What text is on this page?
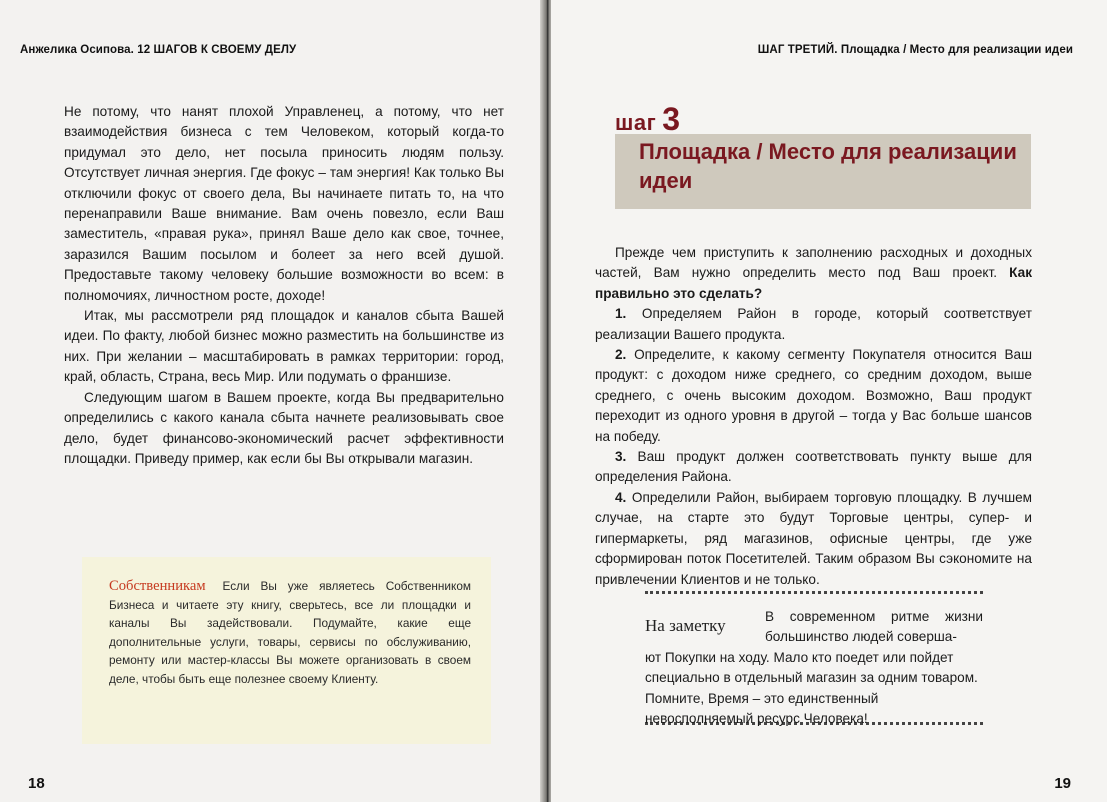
Анжелика Осипова. 12 ШАГОВ К СВОЕМУ ДЕЛУ

Не потому, что нанят плохой Управленец, а потому, что нет взаимодействия бизнеса с тем Человеком, который когда-то придумал это дело, нет посыла приносить людям пользу. Отсутствует личная энергия. Где фокус – там энергия! Как только Вы отключили фокус от своего дела, Вы начинаете питать то, на что перенаправили Ваше внимание. Вам очень повезло, если Ваш заместитель, «правая рука», принял Ваше дело как свое, точнее, заразился Вашим посылом и болеет за него всей душой. Предоставьте такому человеку большие возможности во всем: в полномочиях, личностном росте, доходе!

Итак, мы рассмотрели ряд площадок и каналов сбыта Вашей идеи. По факту, любой бизнес можно разместить на большинстве из них. При желании – масштабировать в рамках территории: город, край, область, Страна, весь Мир. Или подумать о франшизе.

Следующим шагом в Вашем проекте, когда Вы предварительно определились с какого канала сбыта начнете реализовывать свое дело, будет финансово-экономический расчет эффективности площадки. Приведу пример, как если бы Вы открывали магазин.

Собственникам Если Вы уже являетесь Собственником Бизнеса и читаете эту книгу, сверьтесь, все ли площадки и каналы Вы задействовали. Подумайте, какие еще дополнительные услуги, товары, сервисы по обслуживанию, ремонту или мастер-классы Вы можете организовать в своем деле, чтобы быть еще полезнее своему Клиенту.
18
ШАГ ТРЕТИЙ. Площадка / Место для реализации идеи
шаг 3
Площадка / Место для реализации идеи

Прежде чем приступить к заполнению расходных и доходных частей, Вам нужно определить место под Ваш проект. Как правильно это сделать?

1. Определяем Район в городе, который соответствует реализации Вашего продукта.

2. Определите, к какому сегменту Покупателя относится Ваш продукт: с доходом ниже среднего, со средним доходом, выше среднего, с очень высоким доходом. Возможно, Ваш продукт переходит из одного уровня в другой – тогда у Вас больше шансов на победу.

3. Ваш продукт должен соответствовать пункту выше для определения Района.

4. Определили Район, выбираем торговую площадку. В лучшем случае, на старте это будут Торговые центры, супер- и гипермаркеты, ряд магазинов, офисные центры, где уже сформирован поток Посетителей. Таким образом Вы сэкономите на привлечении Клиентов и не только.

На заметку	В современном ритме жизни большинство людей соверша-
ют Покупки на ходу. Мало кто поедет или пойдет специально в отдельный магазин за одним товаром. Помните, Время – это единственный невосполняемый ресурс Человека!
19
